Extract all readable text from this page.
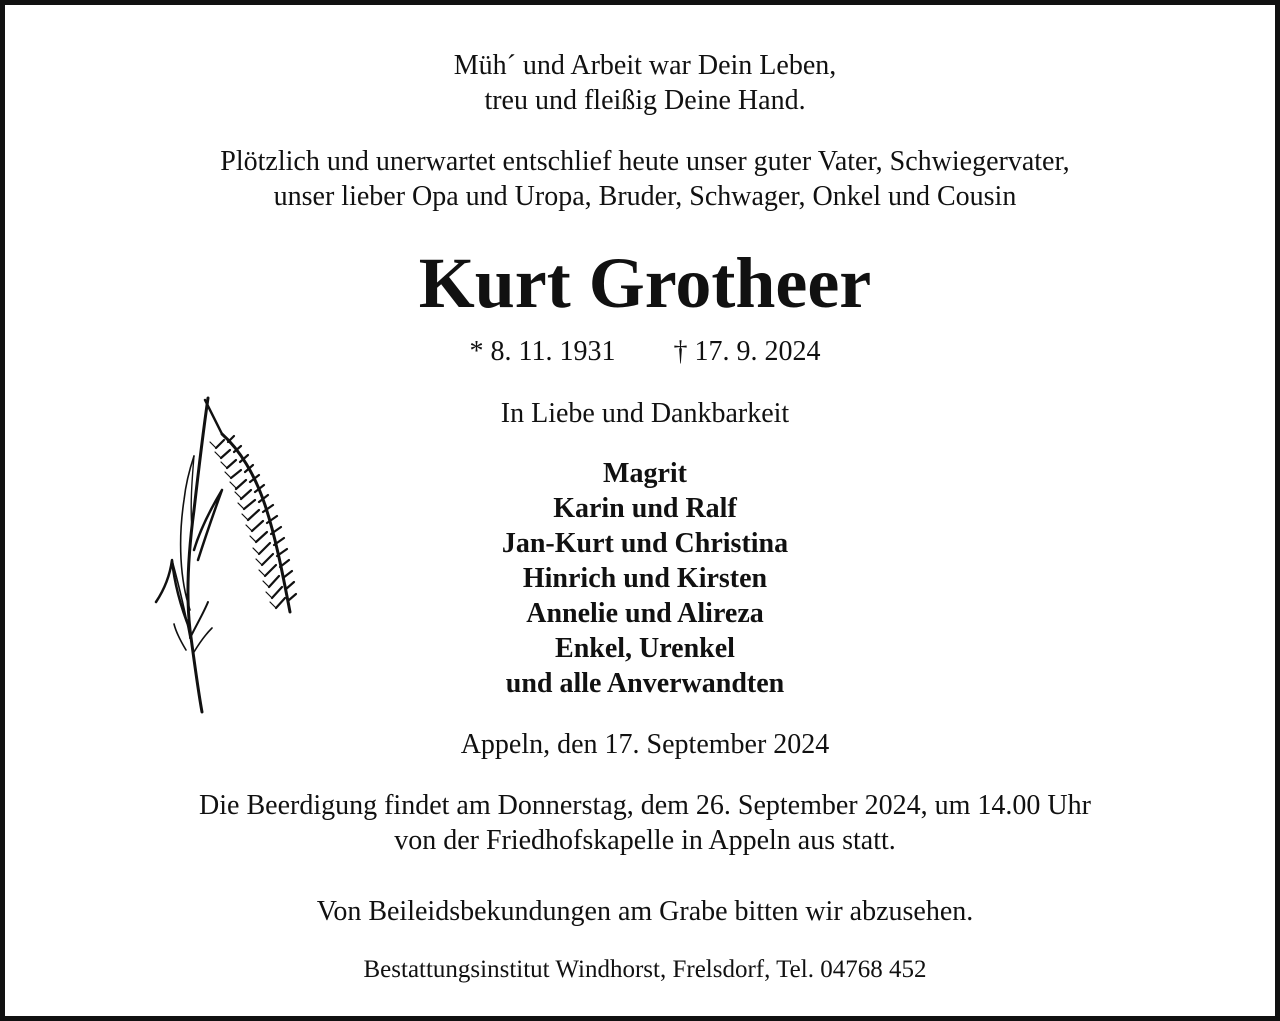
Müh´ und Arbeit war Dein Leben,

treu und fleißig Deine Hand.

Plötzlich und unerwartet entschlief heute unser guter Vater, Schwiegervater,

unser lieber Opa und Uropa, Bruder, Schwager, Onkel und Cousin

Kurt Grotheer

* 8. 11. 1931 † 17. 9. 2024

In Liebe und Dankbarkeit

Magrit

Karin und Ralf

Jan-Kurt und Christina

Hinrich und Kirsten

Annelie und Alireza

Enkel, Urenkel

und alle Anverwandten

Appeln, den 17. September 2024

Die Beerdigung findet am Donnerstag, dem 26. September 2024, um 14.00 Uhr

von der Friedhofskapelle in Appeln aus statt.

Von Beileidsbekundungen am Grabe bitten wir abzusehen.

Bestattungsinstitut Windhorst, Frelsdorf, Tel. 04768 452
